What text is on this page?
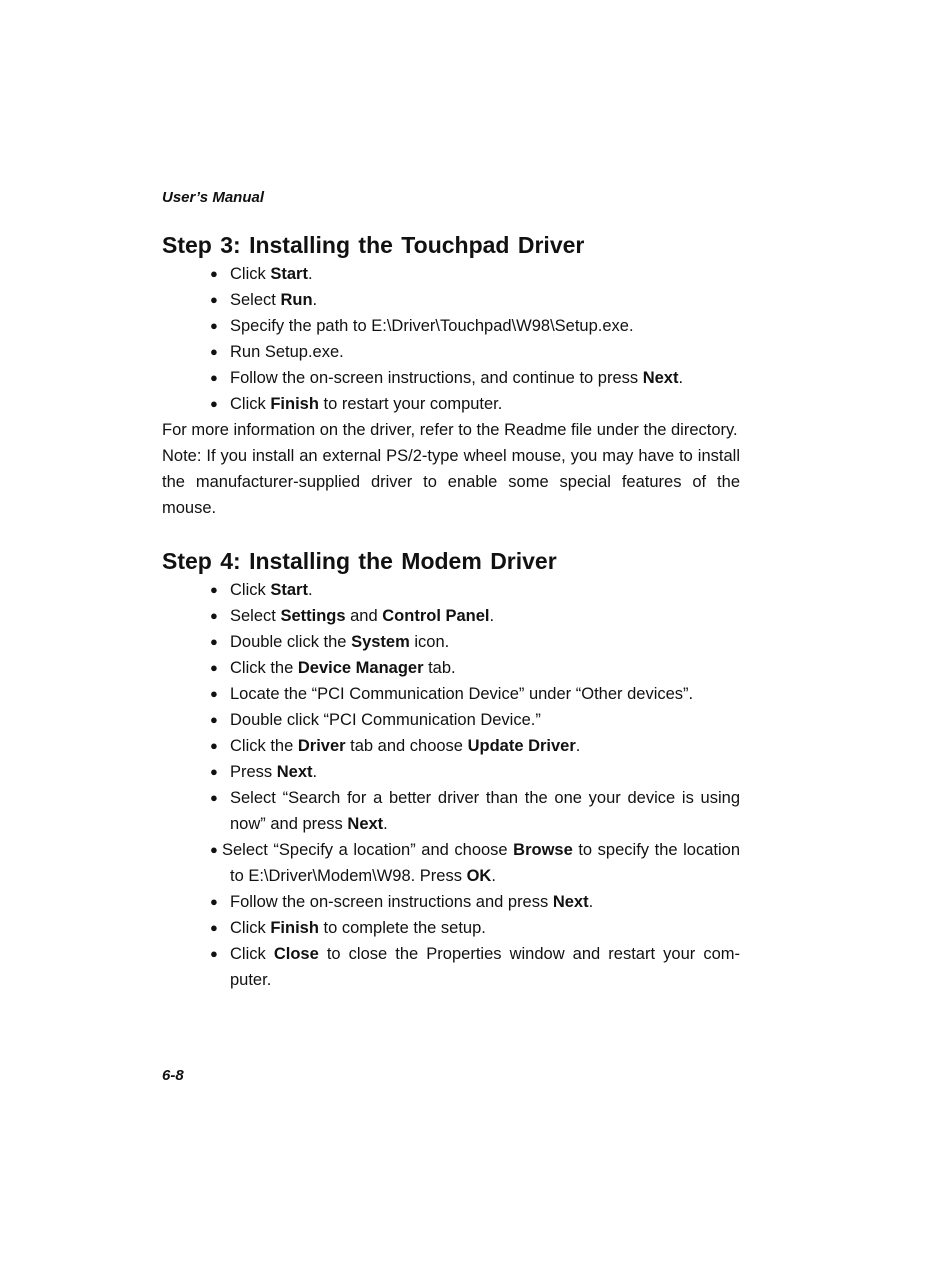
User’s Manual
Step 3: Installing the Touchpad Driver
● Click Start.
● Select Run.
● Specify the path to E:\Driver\Touchpad\W98\Setup.exe.
● Run Setup.exe.
● Follow the on-screen instructions, and continue to press Next.
● Click Finish to restart your computer.

For more information on the driver, refer to the Readme file under the directory.

Note: If you install an external PS/2-type wheel mouse, you may have to install the manufacturer-supplied driver to enable some special features of the mouse.

Step 4: Installing the Modem Driver
● Click Start.
● Select Settings and Control Panel.
● Double click the System icon.
● Click the Device Manager tab.
● Locate the “PCI Communication Device” under “Other devices”.
● Double click “PCI Communication Device.”
● Click the Driver tab and choose Update Driver.
● Press Next.
● Select “Search for a better driver than the one your device is using now” and press Next.
● Select “Specify a location” and choose Browse to specify the location to E:\Driver\Modem\W98. Press OK.
● Follow the on-screen instructions and press Next.
● Click Finish to complete the setup.
● Click Close to close the Properties window and restart your com-puter.
6-8
